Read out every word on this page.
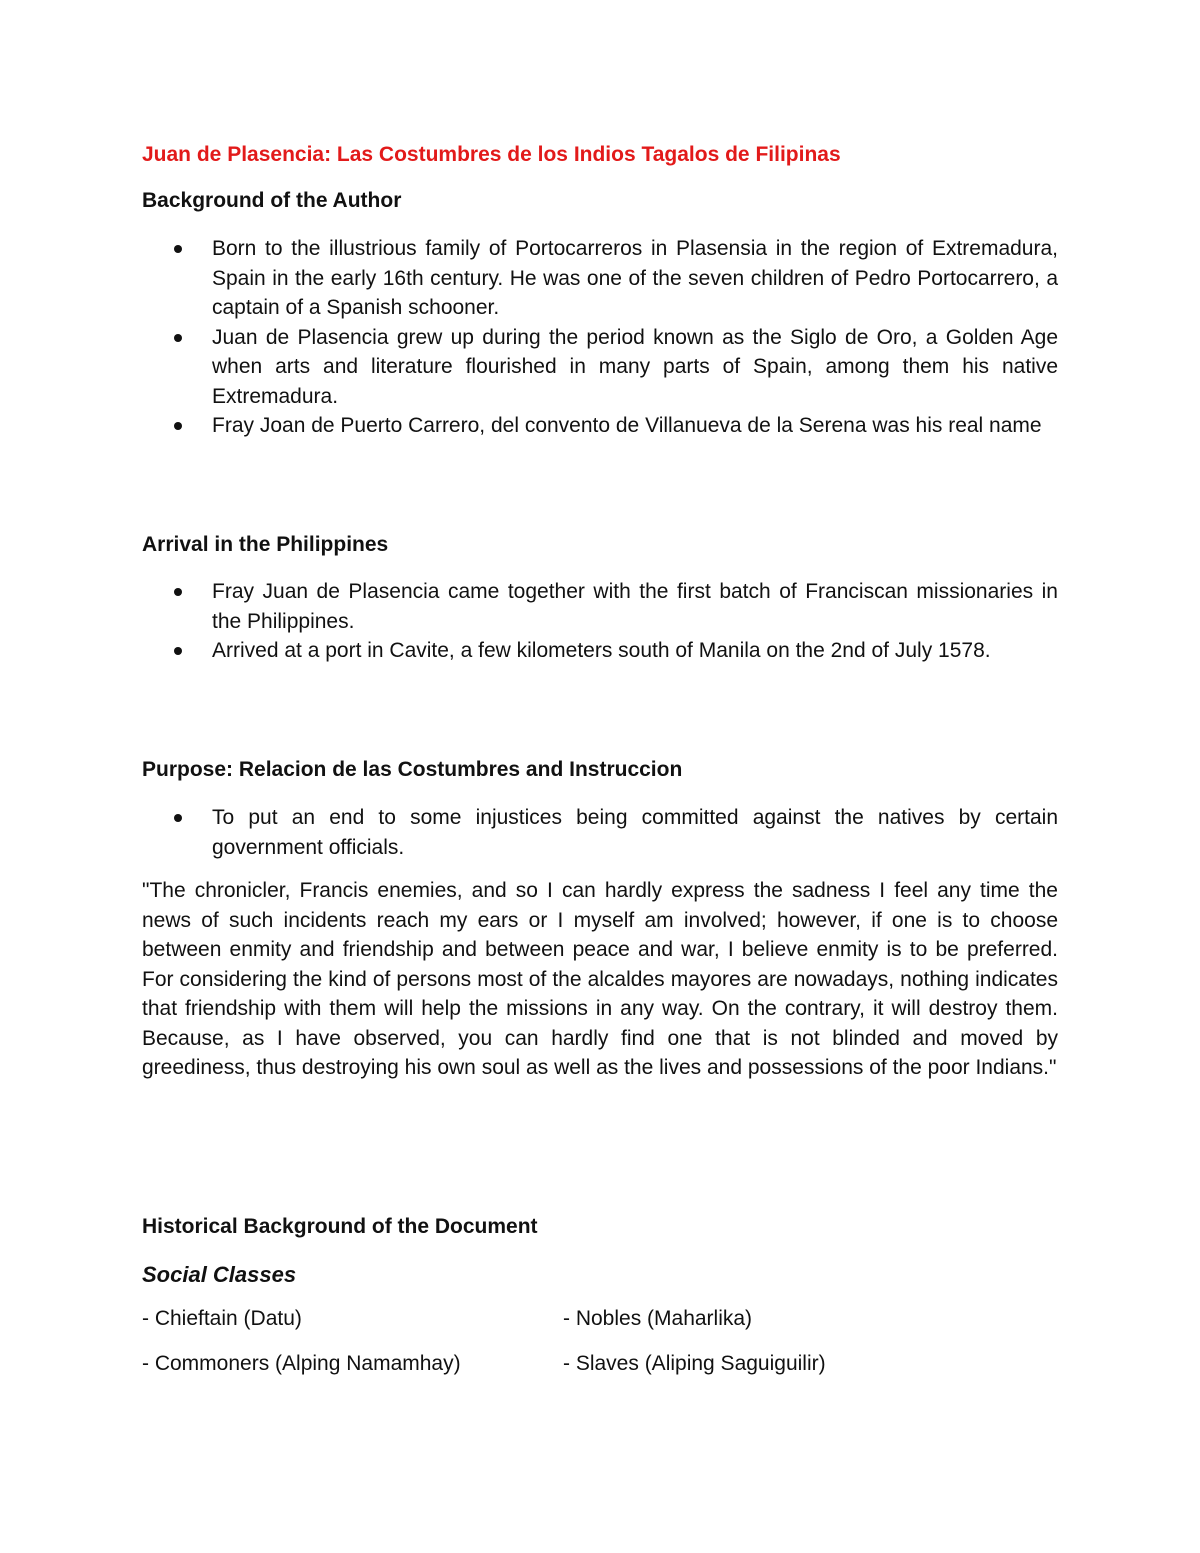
Juan de Plasencia: Las Costumbres de los Indios Tagalos de Filipinas
Background of the Author
Born to the illustrious family of Portocarreros in Plasensia in the region of Extremadura, Spain in the early 16th century. He was one of the seven children of Pedro Portocarrero, a captain of a Spanish schooner.
Juan de Plasencia grew up during the period known as the Siglo de Oro, a Golden Age when arts and literature flourished in many parts of Spain, among them his native Extremadura.
Fray Joan de Puerto Carrero, del convento de Villanueva de la Serena was his real name
Arrival in the Philippines
Fray Juan de Plasencia came together with the first batch of Franciscan missionaries in the Philippines.
Arrived at a port in Cavite, a few kilometers south of Manila on the 2nd of July 1578.
Purpose: Relacion de las Costumbres and Instruccion
To put an end to some injustices being committed against the natives by certain government officials.

"The chronicler, Francis enemies, and so I can hardly express the sadness I feel any time the news of such incidents reach my ears or I myself am involved; however, if one is to choose between enmity and friendship and between peace and war, I believe enmity is to be preferred. For considering the kind of persons most of the alcaldes mayores are nowadays, nothing indicates that friendship with them will help the missions in any way. On the contrary, it will destroy them. Because, as I have observed, you can hardly find one that is not blinded and moved by greediness, thus destroying his own soul as well as the lives and possessions of the poor Indians."

Historical Background of the Document
Social Classes
- Chieftain (Datu)	- Nobles (Maharlika)
- Commoners (Alping Namamhay)	- Slaves (Aliping Saguiguilir)
